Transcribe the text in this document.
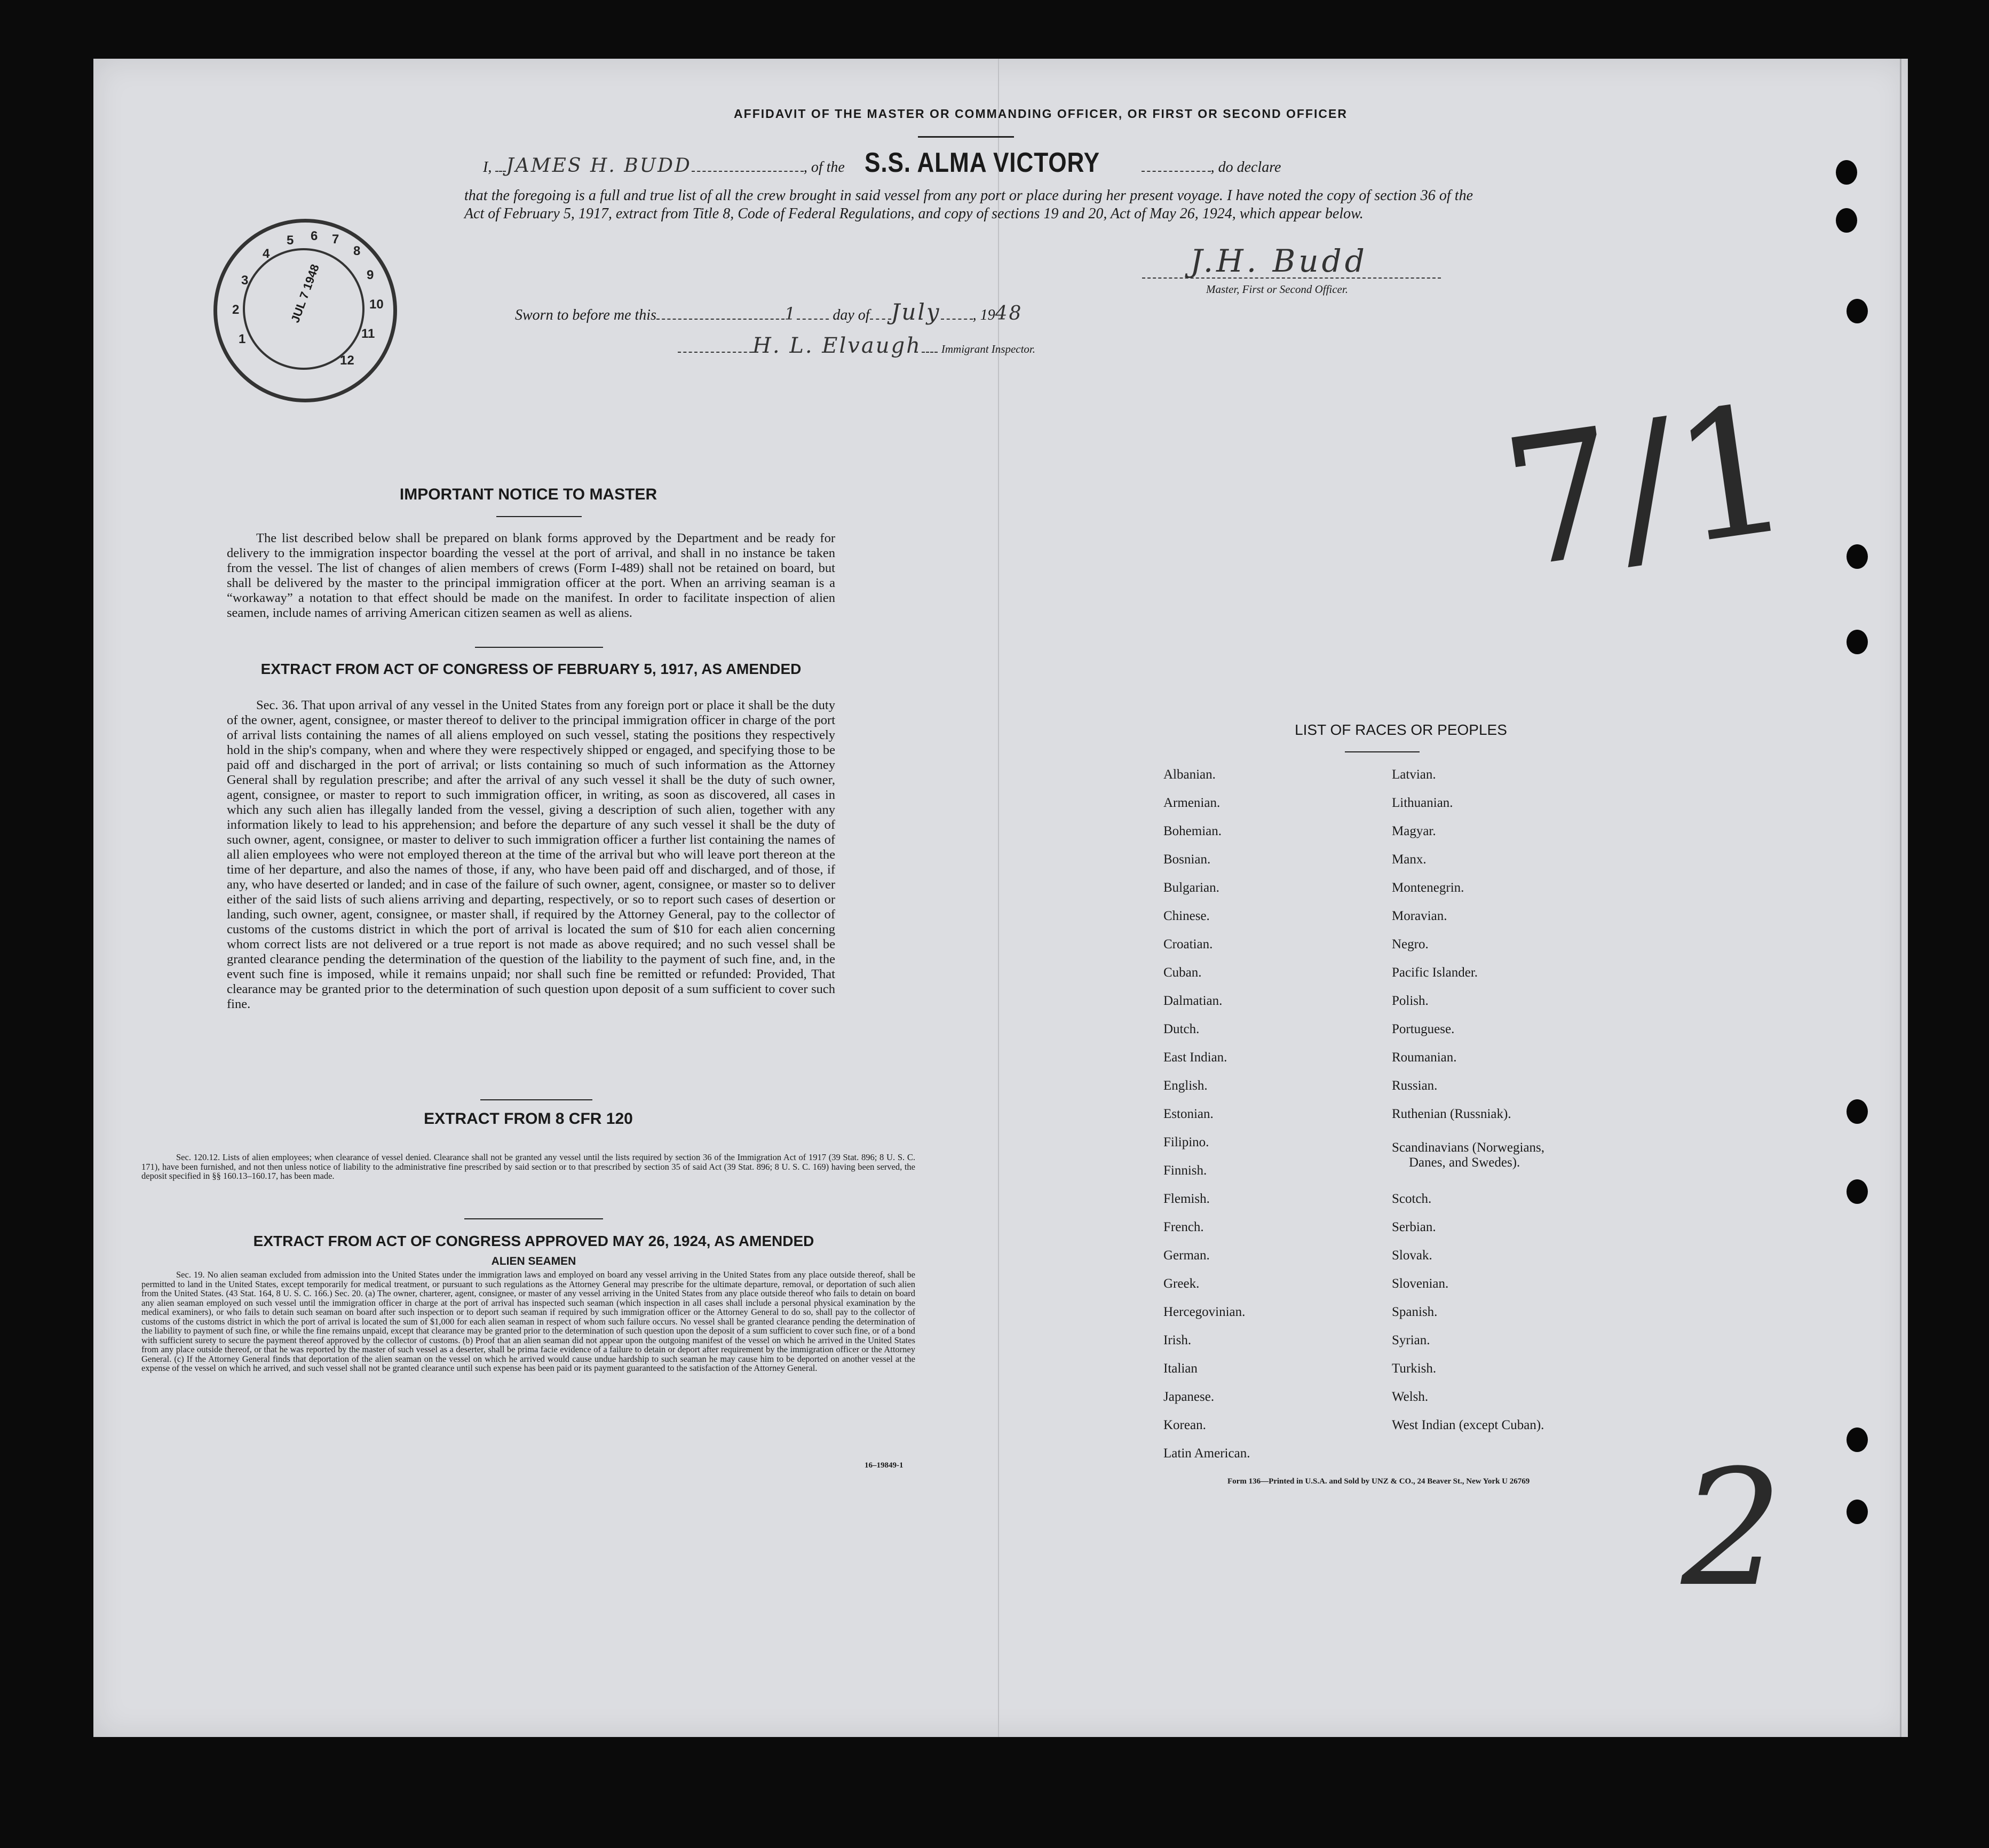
AFFIDAVIT OF THE MASTER OR COMMANDING OFFICER, OR FIRST OR SECOND OFFICER
I, JAMES H. BUDD	, of the S.S. ALMA VICTORY	, do declare
that the foregoing is a full and true list of all the crew brought in said vessel from any port or place during her present voyage. I have noted the copy of section 36 of the Act of February 5, 1917, extract from Title 8, Code of Federal Regulations, and copy of sections 19 and 20, Act of May 26, 1924, which appear below.
J.H. Budd
Master, First or Second Officer.
Sworn to before me this	1 day of July , 1948
H. L. Elvaugh Immigrant Inspector.
5 6 7
8
9
10
11
12
4
3
2
1
JUL 7 1948
IMPORTANT NOTICE TO MASTER
The list described below shall be prepared on blank forms approved by the Department and be ready for delivery to the immigration inspector boarding the vessel at the port of arrival, and shall in no instance be taken from the vessel. The list of changes of alien members of crews (Form I-489) shall not be retained on board, but shall be delivered by the master to the principal immigration officer at the port. When an arriving seaman is a “workaway” a notation to that effect should be made on the manifest. In order to facilitate inspection of alien seamen, include names of arriving American citizen seamen as well as aliens.
EXTRACT FROM ACT OF CONGRESS OF FEBRUARY 5, 1917, AS AMENDED
Sec. 36. That upon arrival of any vessel in the United States from any foreign port or place it shall be the duty of the owner, agent, consignee, or master thereof to deliver to the principal immigration officer in charge of the port of arrival lists containing the names of all aliens employed on such vessel, stating the positions they respectively hold in the ship's company, when and where they were respectively shipped or engaged, and specifying those to be paid off and discharged in the port of arrival; or lists containing so much of such information as the Attorney General shall by regulation prescribe; and after the arrival of any such vessel it shall be the duty of such owner, agent, consignee, or master to report to such immigration officer, in writing, as soon as discovered, all cases in which any such alien has illegally landed from the vessel, giving a description of such alien, together with any information likely to lead to his apprehension; and before the departure of any such vessel it shall be the duty of such owner, agent, consignee, or master to deliver to such immigration officer a further list containing the names of all alien employees who were not employed thereon at the time of the arrival but who will leave port thereon at the time of her departure, and also the names of those, if any, who have been paid off and discharged, and of those, if any, who have deserted or landed; and in case of the failure of such owner, agent, consignee, or master so to deliver either of the said lists of such aliens arriving and departing, respectively, or so to report such cases of desertion or landing, such owner, agent, consignee, or master shall, if required by the Attorney General, pay to the collector of customs of the customs district in which the port of arrival is located the sum of $10 for each alien concerning whom correct lists are not delivered or a true report is not made as above required; and no such vessel shall be granted clearance pending the determination of the question of the liability to the payment of such fine, and, in the event such fine is imposed, while it remains unpaid; nor shall such fine be remitted or refunded: Provided, That clearance may be granted prior to the determination of such question upon deposit of a sum sufficient to cover such fine.
EXTRACT FROM 8 CFR 120
Sec. 120.12. Lists of alien employees; when clearance of vessel denied. Clearance shall not be granted any vessel until the lists required by section 36 of the Immigration Act of 1917 (39 Stat. 896; 8 U. S. C. 171), have been furnished, and not then unless notice of liability to the administrative fine prescribed by said section or to that prescribed by section 35 of said Act (39 Stat. 896; 8 U. S. C. 169) having been served, the deposit specified in §§ 160.13–160.17, has been made.
EXTRACT FROM ACT OF CONGRESS APPROVED MAY 26, 1924, AS AMENDED
ALIEN SEAMEN
Sec. 19. No alien seaman excluded from admission into the United States under the immigration laws and employed on board any vessel arriving in the United States from any place outside thereof, shall be permitted to land in the United States, except temporarily for medical treatment, or pursuant to such regulations as the Attorney General may prescribe for the ultimate departure, removal, or deportation of such alien from the United States. (43 Stat. 164, 8 U. S. C. 166.) Sec. 20. (a) The owner, charterer, agent, consignee, or master of any vessel arriving in the United States from any place outside thereof who fails to detain on board any alien seaman employed on such vessel until the immigration officer in charge at the port of arrival has inspected such seaman (which inspection in all cases shall include a personal physical examination by the medical examiners), or who fails to detain such seaman on board after such inspection or to deport such seaman if required by such immigration officer or the Attorney General to do so, shall pay to the collector of customs of the customs district in which the port of arrival is located the sum of $1,000 for each alien seaman in respect of whom such failure occurs. No vessel shall be granted clearance pending the determination of the liability to payment of such fine, or while the fine remains unpaid, except that clearance may be granted prior to the determination of such question upon the deposit of a sum sufficient to cover such fine, or of a bond with sufficient surety to secure the payment thereof approved by the collector of customs. (b) Proof that an alien seaman did not appear upon the outgoing manifest of the vessel on which he arrived in the United States from any place outside thereof, or that he was reported by the master of such vessel as a deserter, shall be prima facie evidence of a failure to detain or deport after requirement by the immigration officer or the Attorney General. (c) If the Attorney General finds that deportation of the alien seaman on the vessel on which he arrived would cause undue hardship to such seaman he may cause him to be deported on another vessel at the expense of the vessel on which he arrived, and such vessel shall not be granted clearance until such expense has been paid or its payment guaranteed to the satisfaction of the Attorney General.
16–19849-1
LIST OF RACES OR PEOPLES
Albanian.
Armenian.
Bohemian.
Bosnian.
Bulgarian.
Chinese.
Croatian.
Cuban.
Dalmatian.
Dutch.
East Indian.
English.
Estonian.
Filipino.
Finnish.
Flemish.
French.
German.
Greek.
Hercegovinian.
Irish.
Italian
Japanese.
Korean.
Latin American.
Latvian.
Lithuanian.
Magyar.
Manx.
Montenegrin.
Moravian.
Negro.
Pacific Islander.
Polish.
Portuguese.
Roumanian.
Russian.
Ruthenian (Russniak).
Scandinavians (Norwegians,
Danes, and Swedes).
Scotch.
Serbian.
Slovak.
Slovenian.
Spanish.
Syrian.
Turkish.
Welsh.
West Indian (except Cuban).
Form 136—Printed in U.S.A. and Sold by UNZ & CO., 24 Beaver St., New York U 26769
7/1
2
